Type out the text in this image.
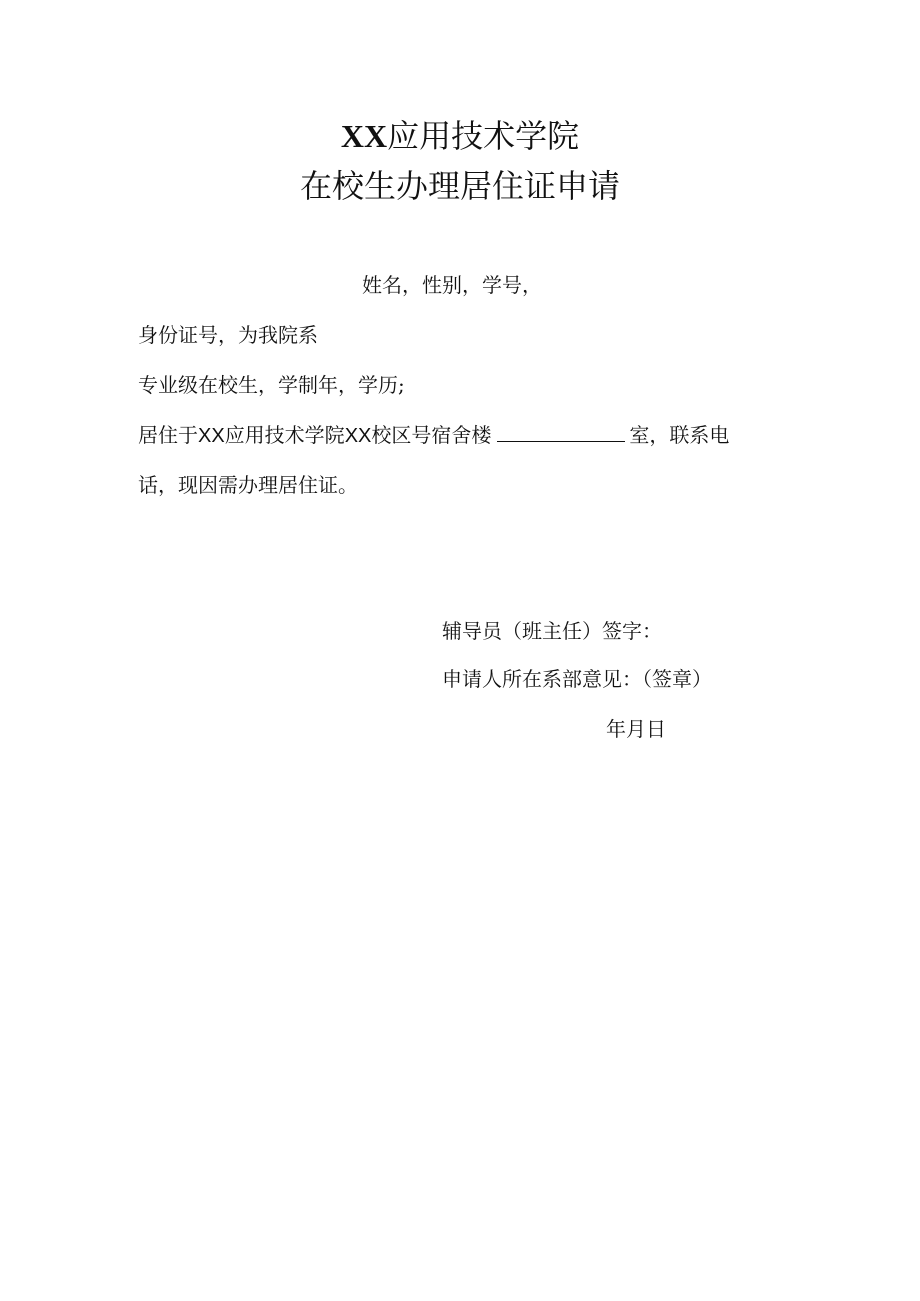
XX应用技术学院
在校生办理居住证申请
姓名，性别，学号，
身份证号，为我院系
专业级在校生，学制年，学历;
居住于XX应用技术学院XX校区号宿舍楼	室，联系电
话，现因需办理居住证。
辅导员（班主任）签字：
申请人所在系部意见：（签章）
年月日
